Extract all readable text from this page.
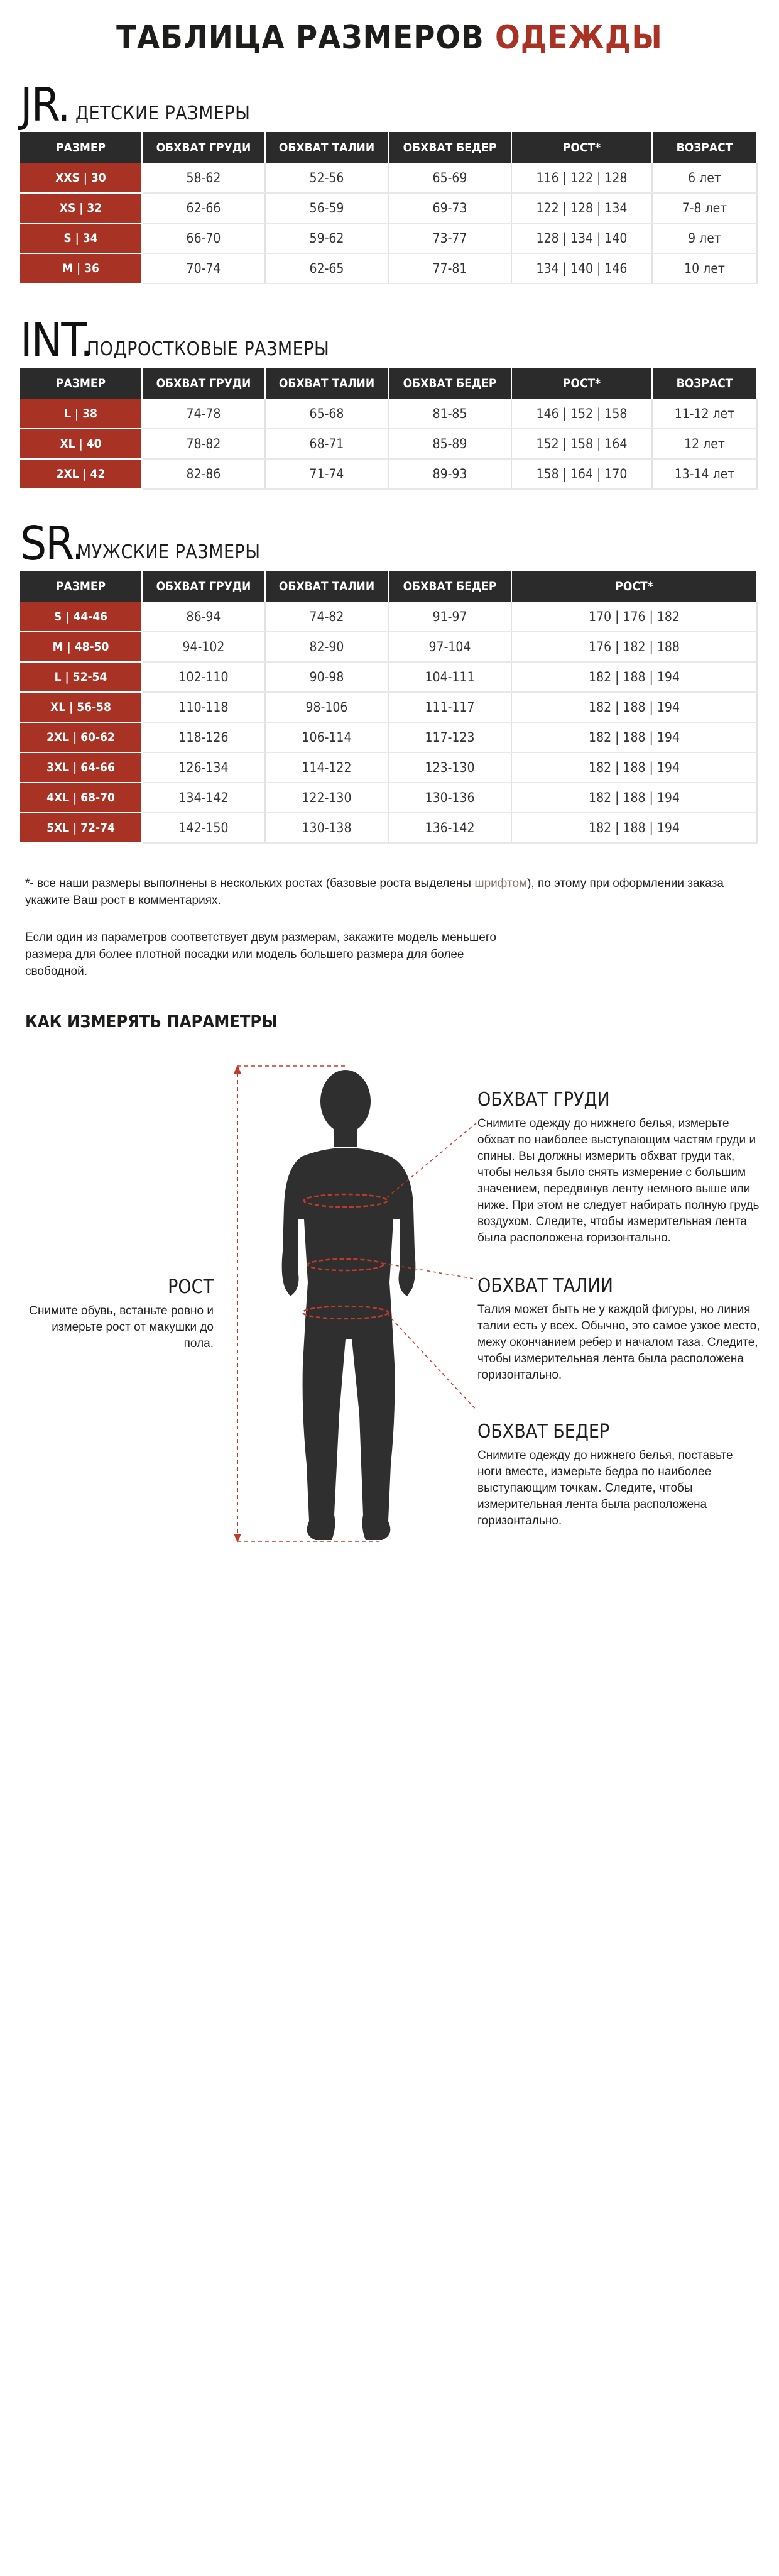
ТАБЛИЦА РАЗМЕРОВ ОДЕЖДЫ
JR. ДЕТСКИЕ РАЗМЕРЫ
РАЗМЕР	ОБХВАТ ГРУДИ	ОБХВАТ ТАЛИИ	ОБХВАТ БЕДЕР	РОСТ*	ВОЗРАСТ
XXS | 30	58-62	52-56	65-69	116 | 122 | 128	6 лет
XS | 32	62-66	56-59	69-73	122 | 128 | 134	7-8 лет
S | 34	66-70	59-62	73-77	128 | 134 | 140	9 лет
M | 36	70-74	62-65	77-81	134 | 140 | 146	10 лет
INT.
ПОДРОСТКОВЫЕ РАЗМЕРЫ
РАЗМЕР	ОБХВАТ ГРУДИ	ОБХВАТ ТАЛИИ	ОБХВАТ БЕДЕР	РОСТ*	ВОЗРАСТ
L | 38	74-78	65-68	81-85	146 | 152 | 158	11-12 лет
XL | 40	78-82	68-71	85-89	152 | 158 | 164	12 лет
2XL | 42	82-86	71-74	89-93	158 | 164 | 170	13-14 лет
SR.
МУЖСКИЕ РАЗМЕРЫ
РАЗМЕР	ОБХВАТ ГРУДИ	ОБХВАТ ТАЛИИ	ОБХВАТ БЕДЕР	РОСТ*
S | 44-46	86-94	74-82	91-97	170 | 176 | 182
M | 48-50	94-102	82-90	97-104	176 | 182 | 188
L | 52-54	102-110	90-98	104-111	182 | 188 | 194
XL | 56-58	110-118	98-106	111-117	182 | 188 | 194
2XL | 60-62	118-126	106-114	117-123	182 | 188 | 194
3XL | 64-66	126-134	114-122	123-130	182 | 188 | 194
4XL | 68-70	134-142	122-130	130-136	182 | 188 | 194
5XL | 72-74	142-150	130-138	136-142	182 | 188 | 194
*- все наши размеры выполнены в нескольких ростах (базовые роста выделены шрифтом), по этому при оформлении заказа укажите Ваш рост в комментариях.
Если один из параметров соответствует двум размерам, закажите модель меньшего размера для более плотной посадки или модель большего размера для более свободной.
КАК ИЗМЕРЯТЬ ПАРАМЕТРЫ
РОСТ
Снимите обувь, встаньте ровно и измерьте рост от макушки до пола.
ОБХВАТ ГРУДИ
Снимите одежду до нижнего белья, измерьте обхват по наиболее выступающим частям груди и спины. Вы должны измерить обхват груди так, чтобы нельзя было снять измерение с большим значением, передвинув ленту немного выше или ниже. При этом не следует набирать полную грудь воздухом. Следите, чтобы измерительная лента была расположена горизонтально.
ОБХВАТ ТАЛИИ
Талия может быть не у каждой фигуры, но линия талии есть у всех. Обычно, это самое узкое место, межу окончанием ребер и началом таза. Следите, чтобы измерительная лента была расположена горизонтально.
ОБХВАТ БЕДЕР
Снимите одежду до нижнего белья, поставьте ноги вместе, измерьте бедра по наиболее выступающим точкам. Следите, чтобы измерительная лента была расположена горизонтально.
